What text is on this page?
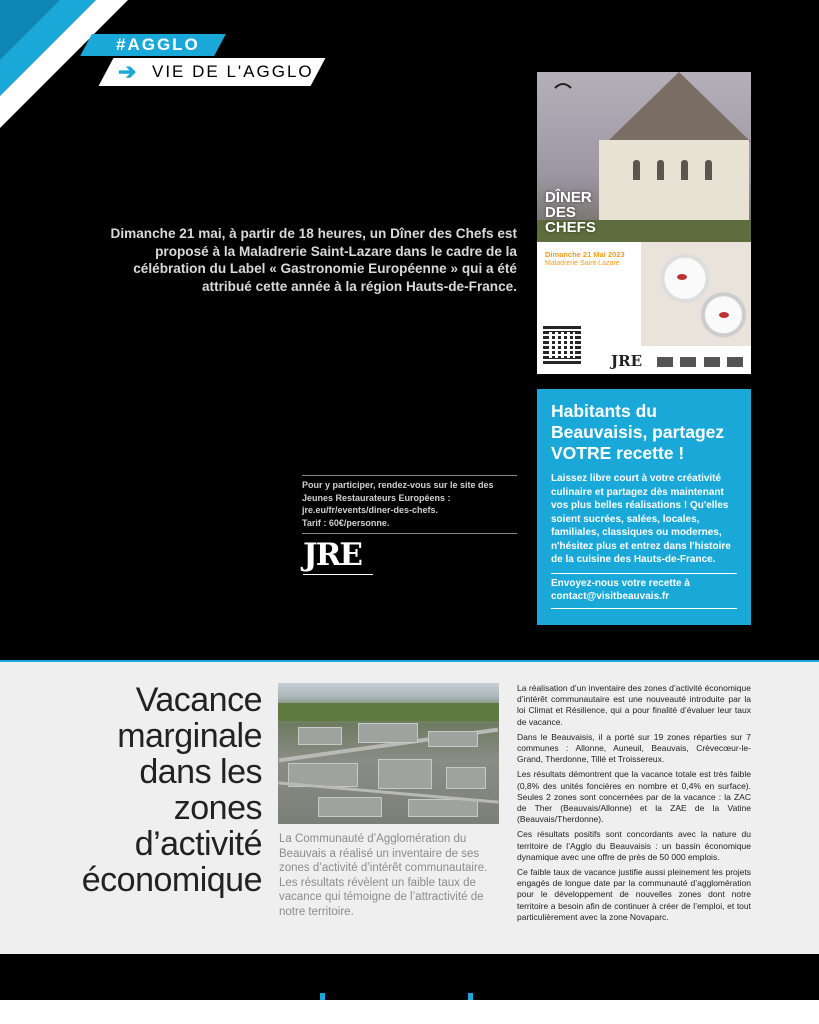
#AGGLO
➔ VIE DE L'AGGLO
Dimanche 21 mai, à partir de 18 heures, un Dîner des Chefs est proposé à la Maladrerie Saint-Lazare dans le cadre de la célébration du Label « Gastronomie Européenne » qui a été attribué cette année à la région Hauts-de-France.
Pour y participer, rendez-vous sur le site des
Jeunes Restaurateurs Européens :
jre.eu/fr/events/diner-des-chefs.
Tarif : 60€/personne.
JRE
DÎNER
DES
CHEFS
Dimanche 21 Mai 2023
Maladrerie Saint-Lazare
JRE

Habitants du Beauvaisis, partagez VOTRE recette !
Laissez libre court à votre créativité culinaire et partagez dès maintenant vos plus belles réalisations ! Qu'elles soient sucrées, salées, locales, familiales, classiques ou modernes, n'hésitez plus et entrez dans l'histoire de la cuisine des Hauts-de-France.
Envoyez-nous votre recette à
contact@visitbeauvais.fr
Vacance
marginale
dans les
zones
d’activité
économique
La Communauté d’Agglomération du Beauvais a réalisé un inventaire de ses zones d’activité d’intérêt communautaire. Les résultats révèlent un faible taux de vacance qui témoigne de l’attractivité de notre territoire.

La réalisation d’un inventaire des zones d’activité économique d’intérêt communautaire est une nouveauté introduite par la loi Climat et Résilience, qui a pour finalité d’évaluer leur taux de vacance.

Dans le Beauvaisis, il a porté sur 19 zones réparties sur 7 communes : Allonne, Auneuil, Beauvais, Crèvecœur-le-Grand, Therdonne, Tillé et Troissereux.

Les résultats démontrent que la vacance totale est très faible (0,8% des unités foncières en nombre et 0,4% en surface). Seules 2 zones sont concernées par de la vacance : la ZAC de Ther (Beauvais/Allonne) et la ZAE de la Vatine (Beauvais/Therdonne).

Ces résultats positifs sont concordants avec la nature du territoire de l’Agglo du Beauvaisis : un bassin économique dynamique avec une offre de près de 50 000 emplois.

Ce faible taux de vacance justifie aussi pleinement les projets engagés de longue date par la communauté d’agglomération pour le développement de nouvelles zones dont notre territoire a besoin afin de continuer à créer de l’emploi, et tout particulièrement avec la zone Novaparc.
